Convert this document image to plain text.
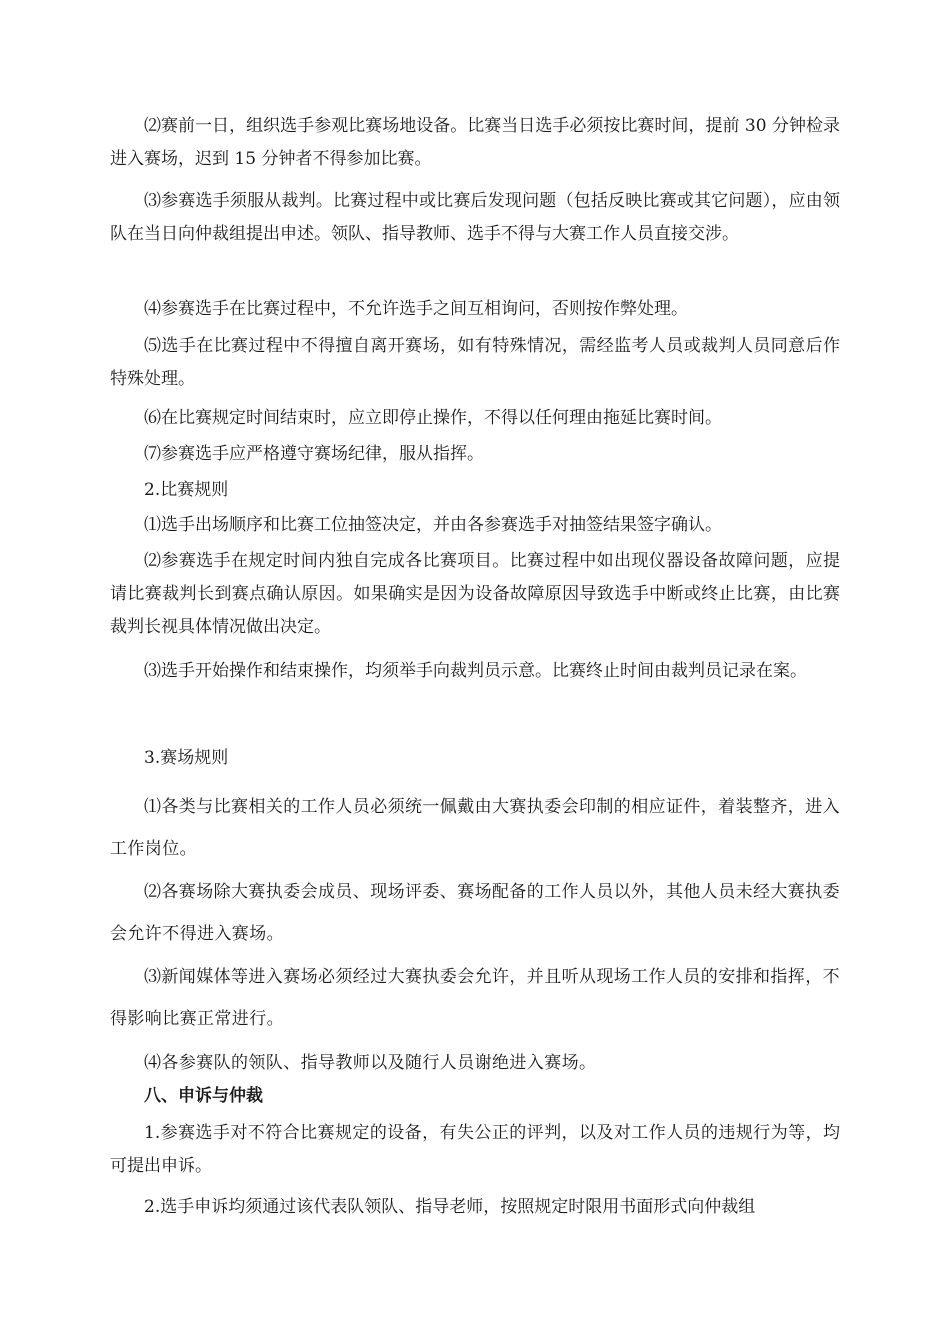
⑵赛前一日，组织选手参观比赛场地设备。比赛当日选手必须按比赛时间，提前 30 分钟检录进入赛场，迟到 15 分钟者不得参加比赛。

⑶参赛选手须服从裁判。比赛过程中或比赛后发现问题（包括反映比赛或其它问题），应由领队在当日向仲裁组提出申述。领队、指导教师、选手不得与大赛工作人员直接交涉。

⑷参赛选手在比赛过程中，不允许选手之间互相询问，否则按作弊处理。

⑸选手在比赛过程中不得擅自离开赛场，如有特殊情况，需经监考人员或裁判人员同意后作特殊处理。

⑹在比赛规定时间结束时，应立即停止操作，不得以任何理由拖延比赛时间。

⑺参赛选手应严格遵守赛场纪律，服从指挥。

2.比赛规则

⑴选手出场顺序和比赛工位抽签决定，并由各参赛选手对抽签结果签字确认。

⑵参赛选手在规定时间内独自完成各比赛项目。比赛过程中如出现仪器设备故障问题，应提请比赛裁判长到赛点确认原因。如果确实是因为设备故障原因导致选手中断或终止比赛，由比赛裁判长视具体情况做出决定。

⑶选手开始操作和结束操作，均须举手向裁判员示意。比赛终止时间由裁判员记录在案。

3.赛场规则

⑴各类与比赛相关的工作人员必须统一佩戴由大赛执委会印制的相应证件，着装整齐，进入工作岗位。

⑵各赛场除大赛执委会成员、现场评委、赛场配备的工作人员以外，其他人员未经大赛执委会允许不得进入赛场。

⑶新闻媒体等进入赛场必须经过大赛执委会允许，并且听从现场工作人员的安排和指挥，不得影响比赛正常进行。

⑷各参赛队的领队、指导教师以及随行人员谢绝进入赛场。

八、申诉与仲裁

1.参赛选手对不符合比赛规定的设备，有失公正的评判，以及对工作人员的违规行为等，均可提出申诉。

2.选手申诉均须通过该代表队领队、指导老师，按照规定时限用书面形式向仲裁组
